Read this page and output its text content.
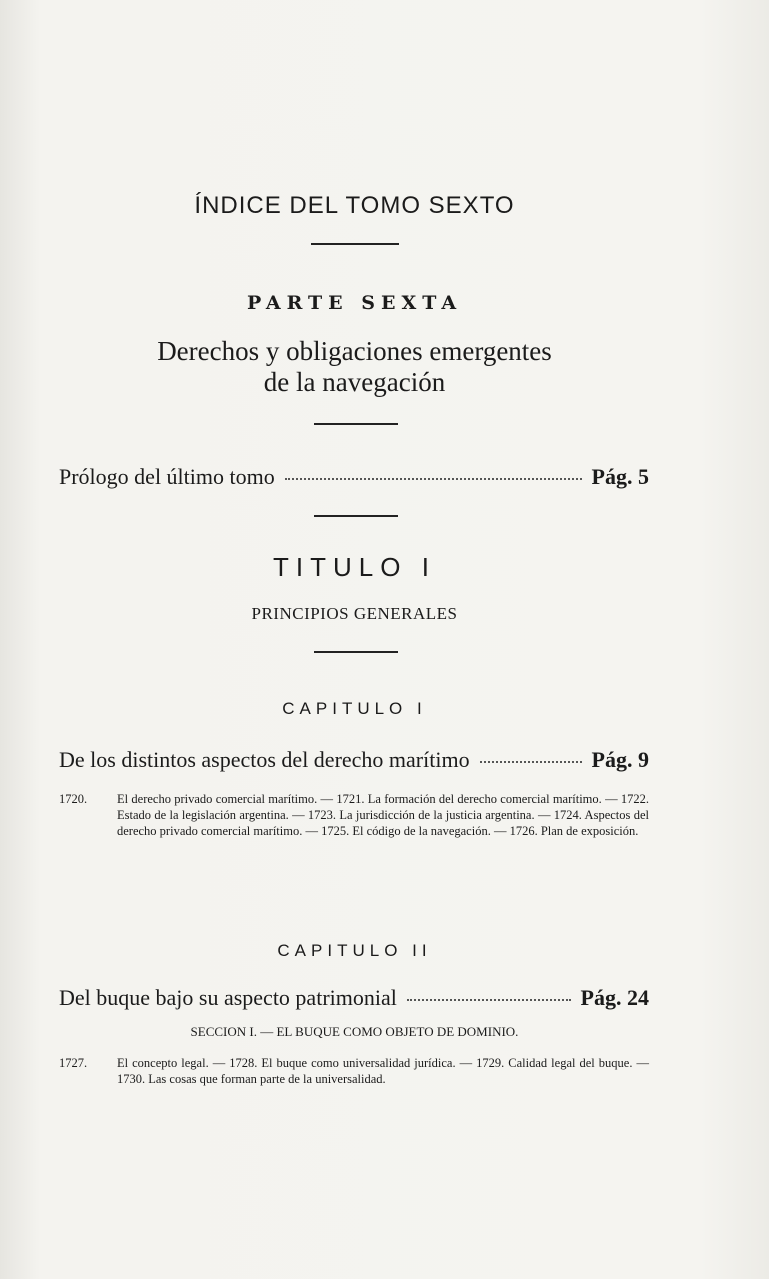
ÍNDICE DEL TOMO SEXTO
PARTE SEXTA
Derechos y obligaciones emergentes
de la navegación
Prólogo del último tomo	Pág. 5
TITULO I
PRINCIPIOS GENERALES
CAPITULO I
De los distintos aspectos del derecho marítimo	Pág. 9
1720. El derecho privado comercial marítimo. — 1721. La formación del derecho comercial marítimo. — 1722. Estado de la legislación argentina. — 1723. La jurisdicción de la justicia argentina. — 1724. Aspectos del derecho privado comercial marítimo. — 1725. El código de la navegación. — 1726. Plan de exposición.
CAPITULO II
Del buque bajo su aspecto patrimonial	Pág. 24
SECCION I. — EL BUQUE COMO OBJETO DE DOMINIO.
1727. El concepto legal. — 1728. El buque como universalidad jurídica. — 1729. Calidad legal del buque. — 1730. Las cosas que forman parte de la universalidad.
